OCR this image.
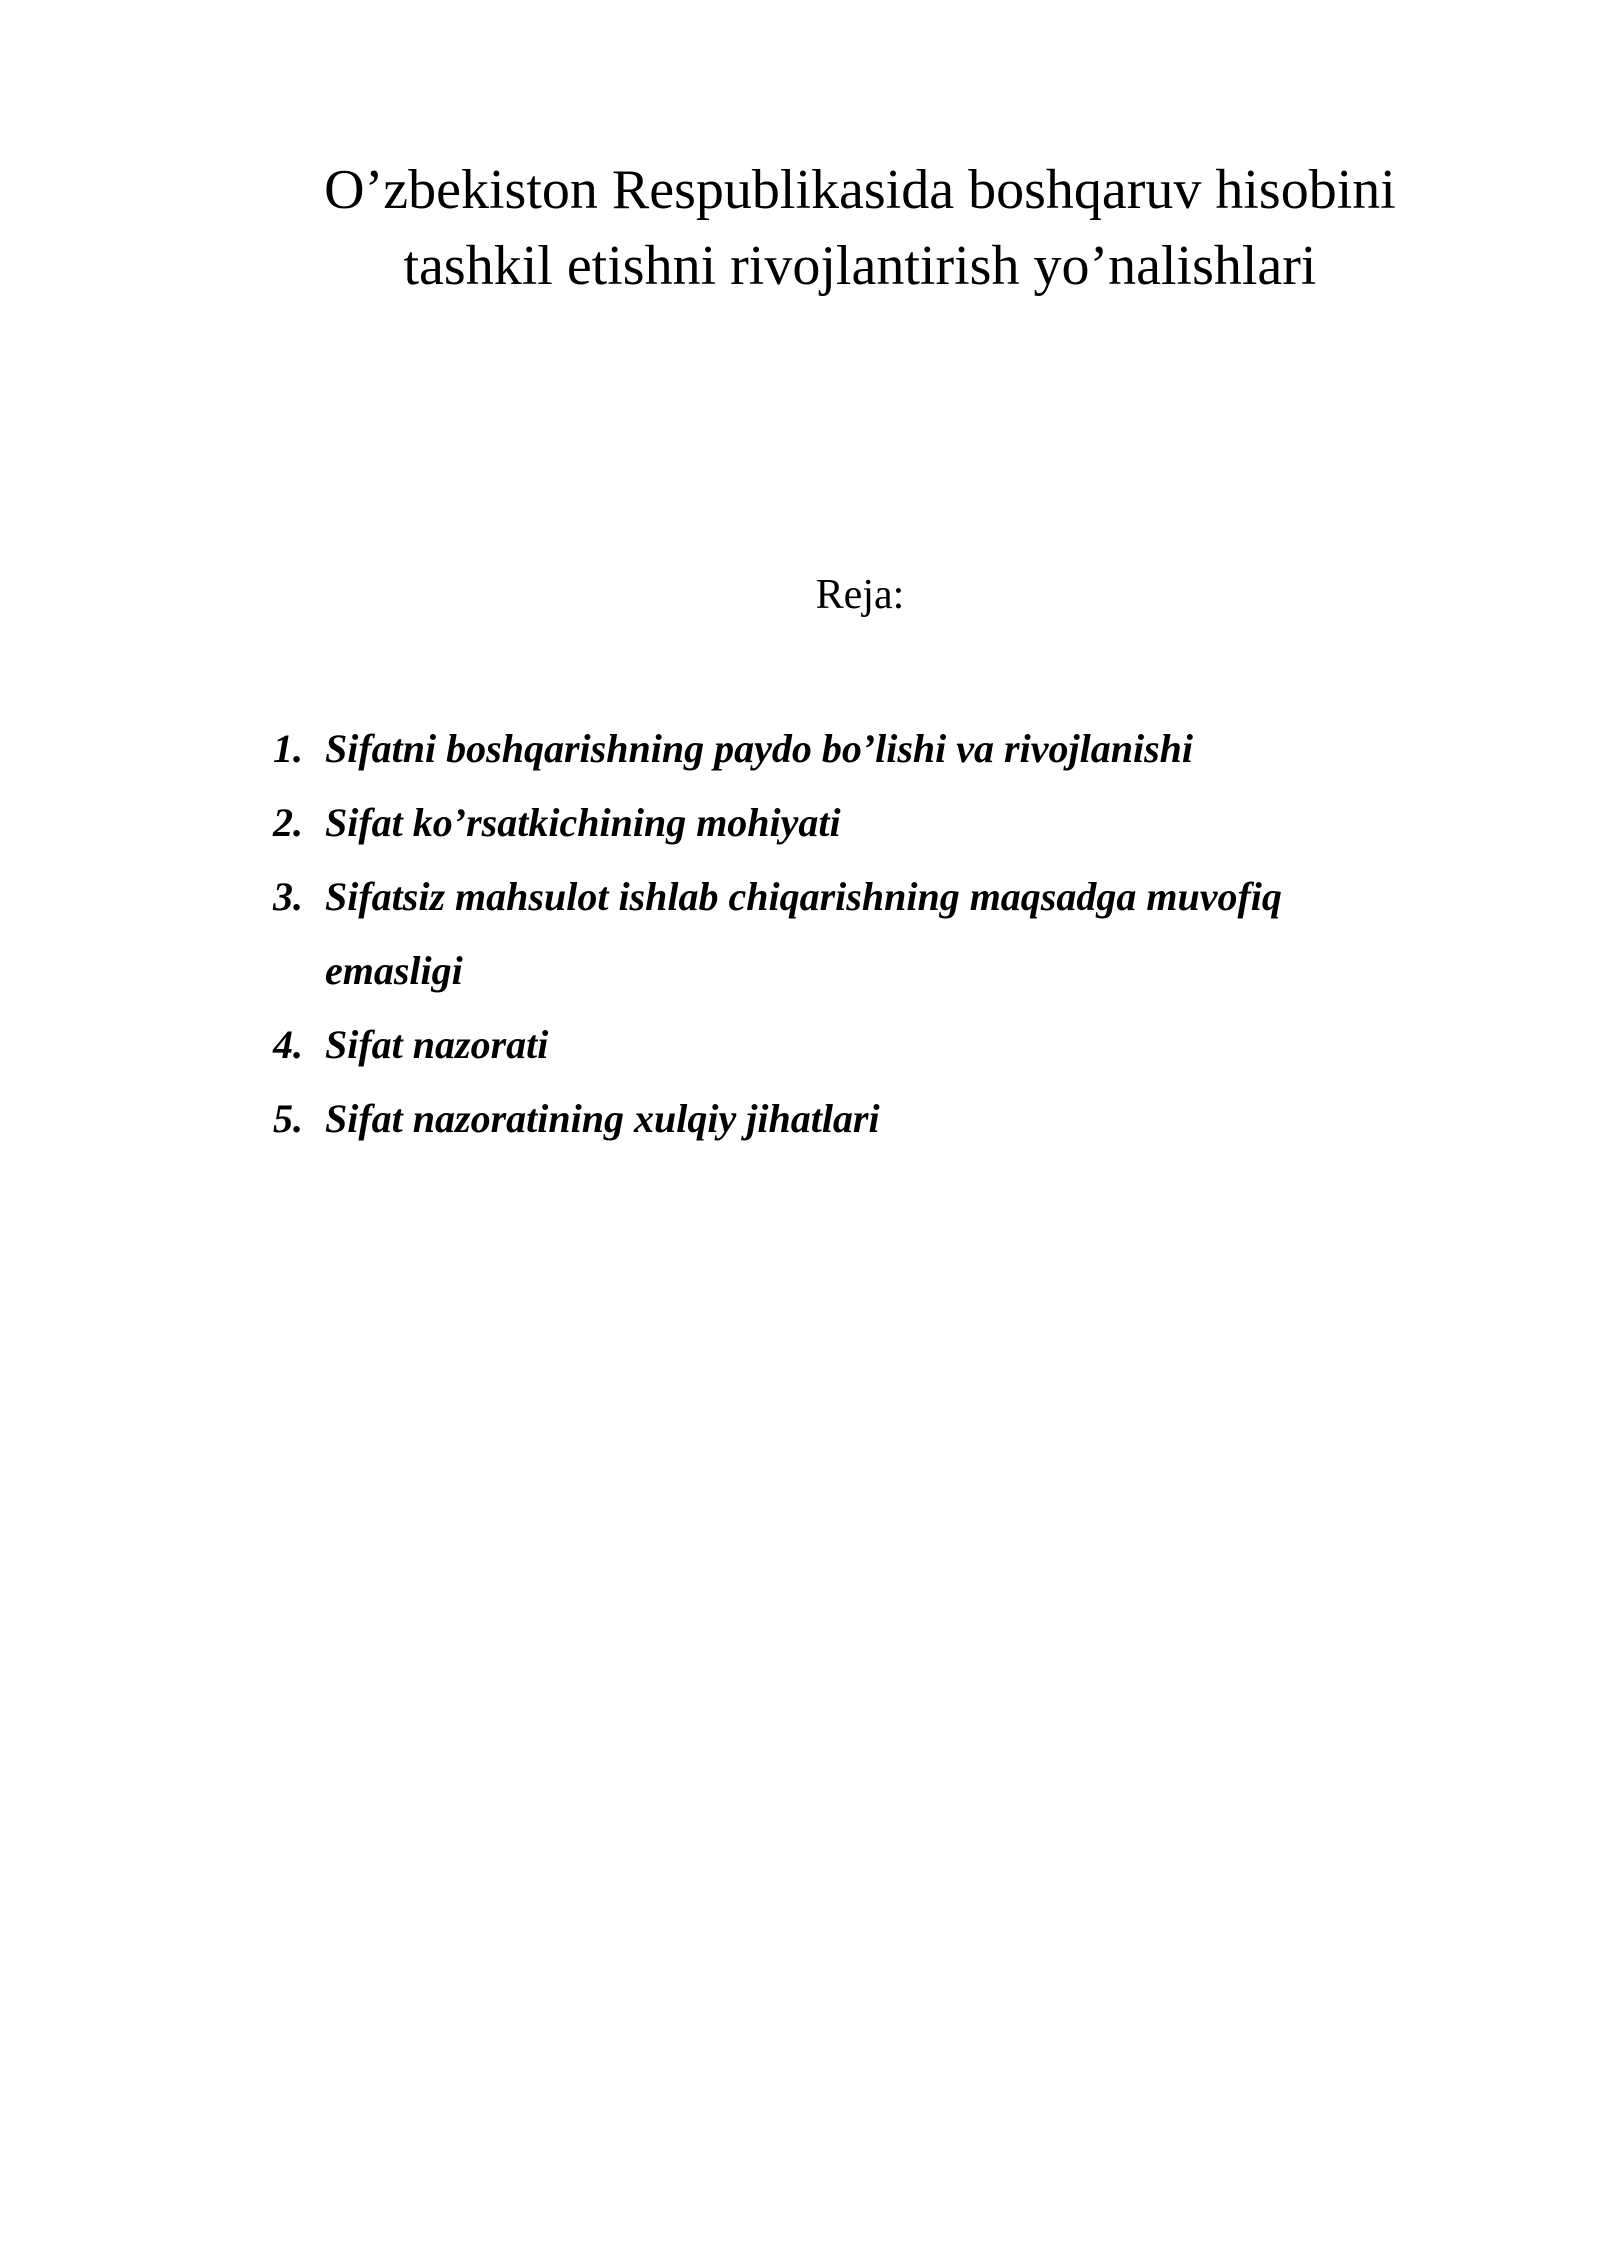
O’zbekiston Respublikasida boshqaruv hisobini
tashkil etishni rivojlantirish yo’nalishlari
Reja:
1. Sifatni boshqarishning paydo bo’lishi va rivojlanishi
2. Sifat ko’rsatkichining mohiyati
3. Sifatsiz mahsulot ishlab chiqarishning maqsadga muvofiq emasligi
4. Sifat nazorati
5. Sifat nazoratining xulqiy jihatlari
